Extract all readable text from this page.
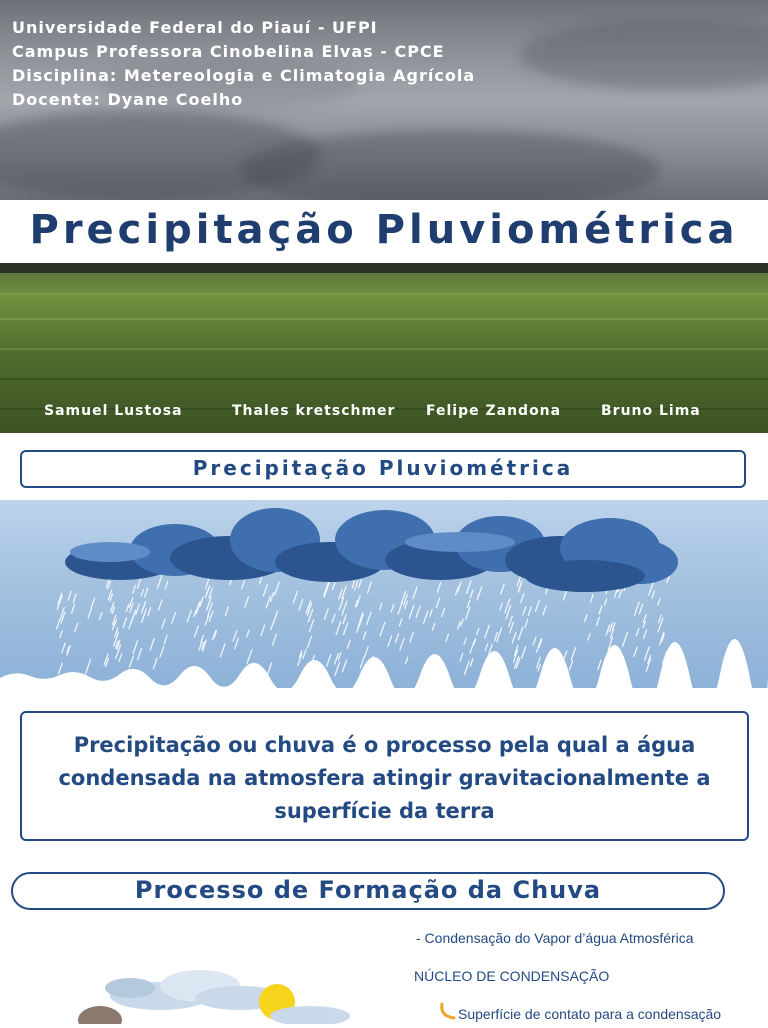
Universidade Federal do Piauí - UFPI
Campus Professora Cinobelina Elvas - CPCE
Disciplina: Metereologia e Climatogia Agrícola
Docente: Dyane Coelho
Precipitação Pluviométrica
Samuel Lustosa	Thales kretschmer Felipe Zandona	Bruno Lima
Precipitação Pluviométrica

Precipitação ou chuva é o processo pela qual a água condensada na atmosfera atingir gravitacionalmente a superfície da terra

Processo de Formação da Chuva
- Condensação do Vapor d’água Atmosférica
NÚCLEO DE CONDENSAÇÃO
Superfície de contato para a condensação
